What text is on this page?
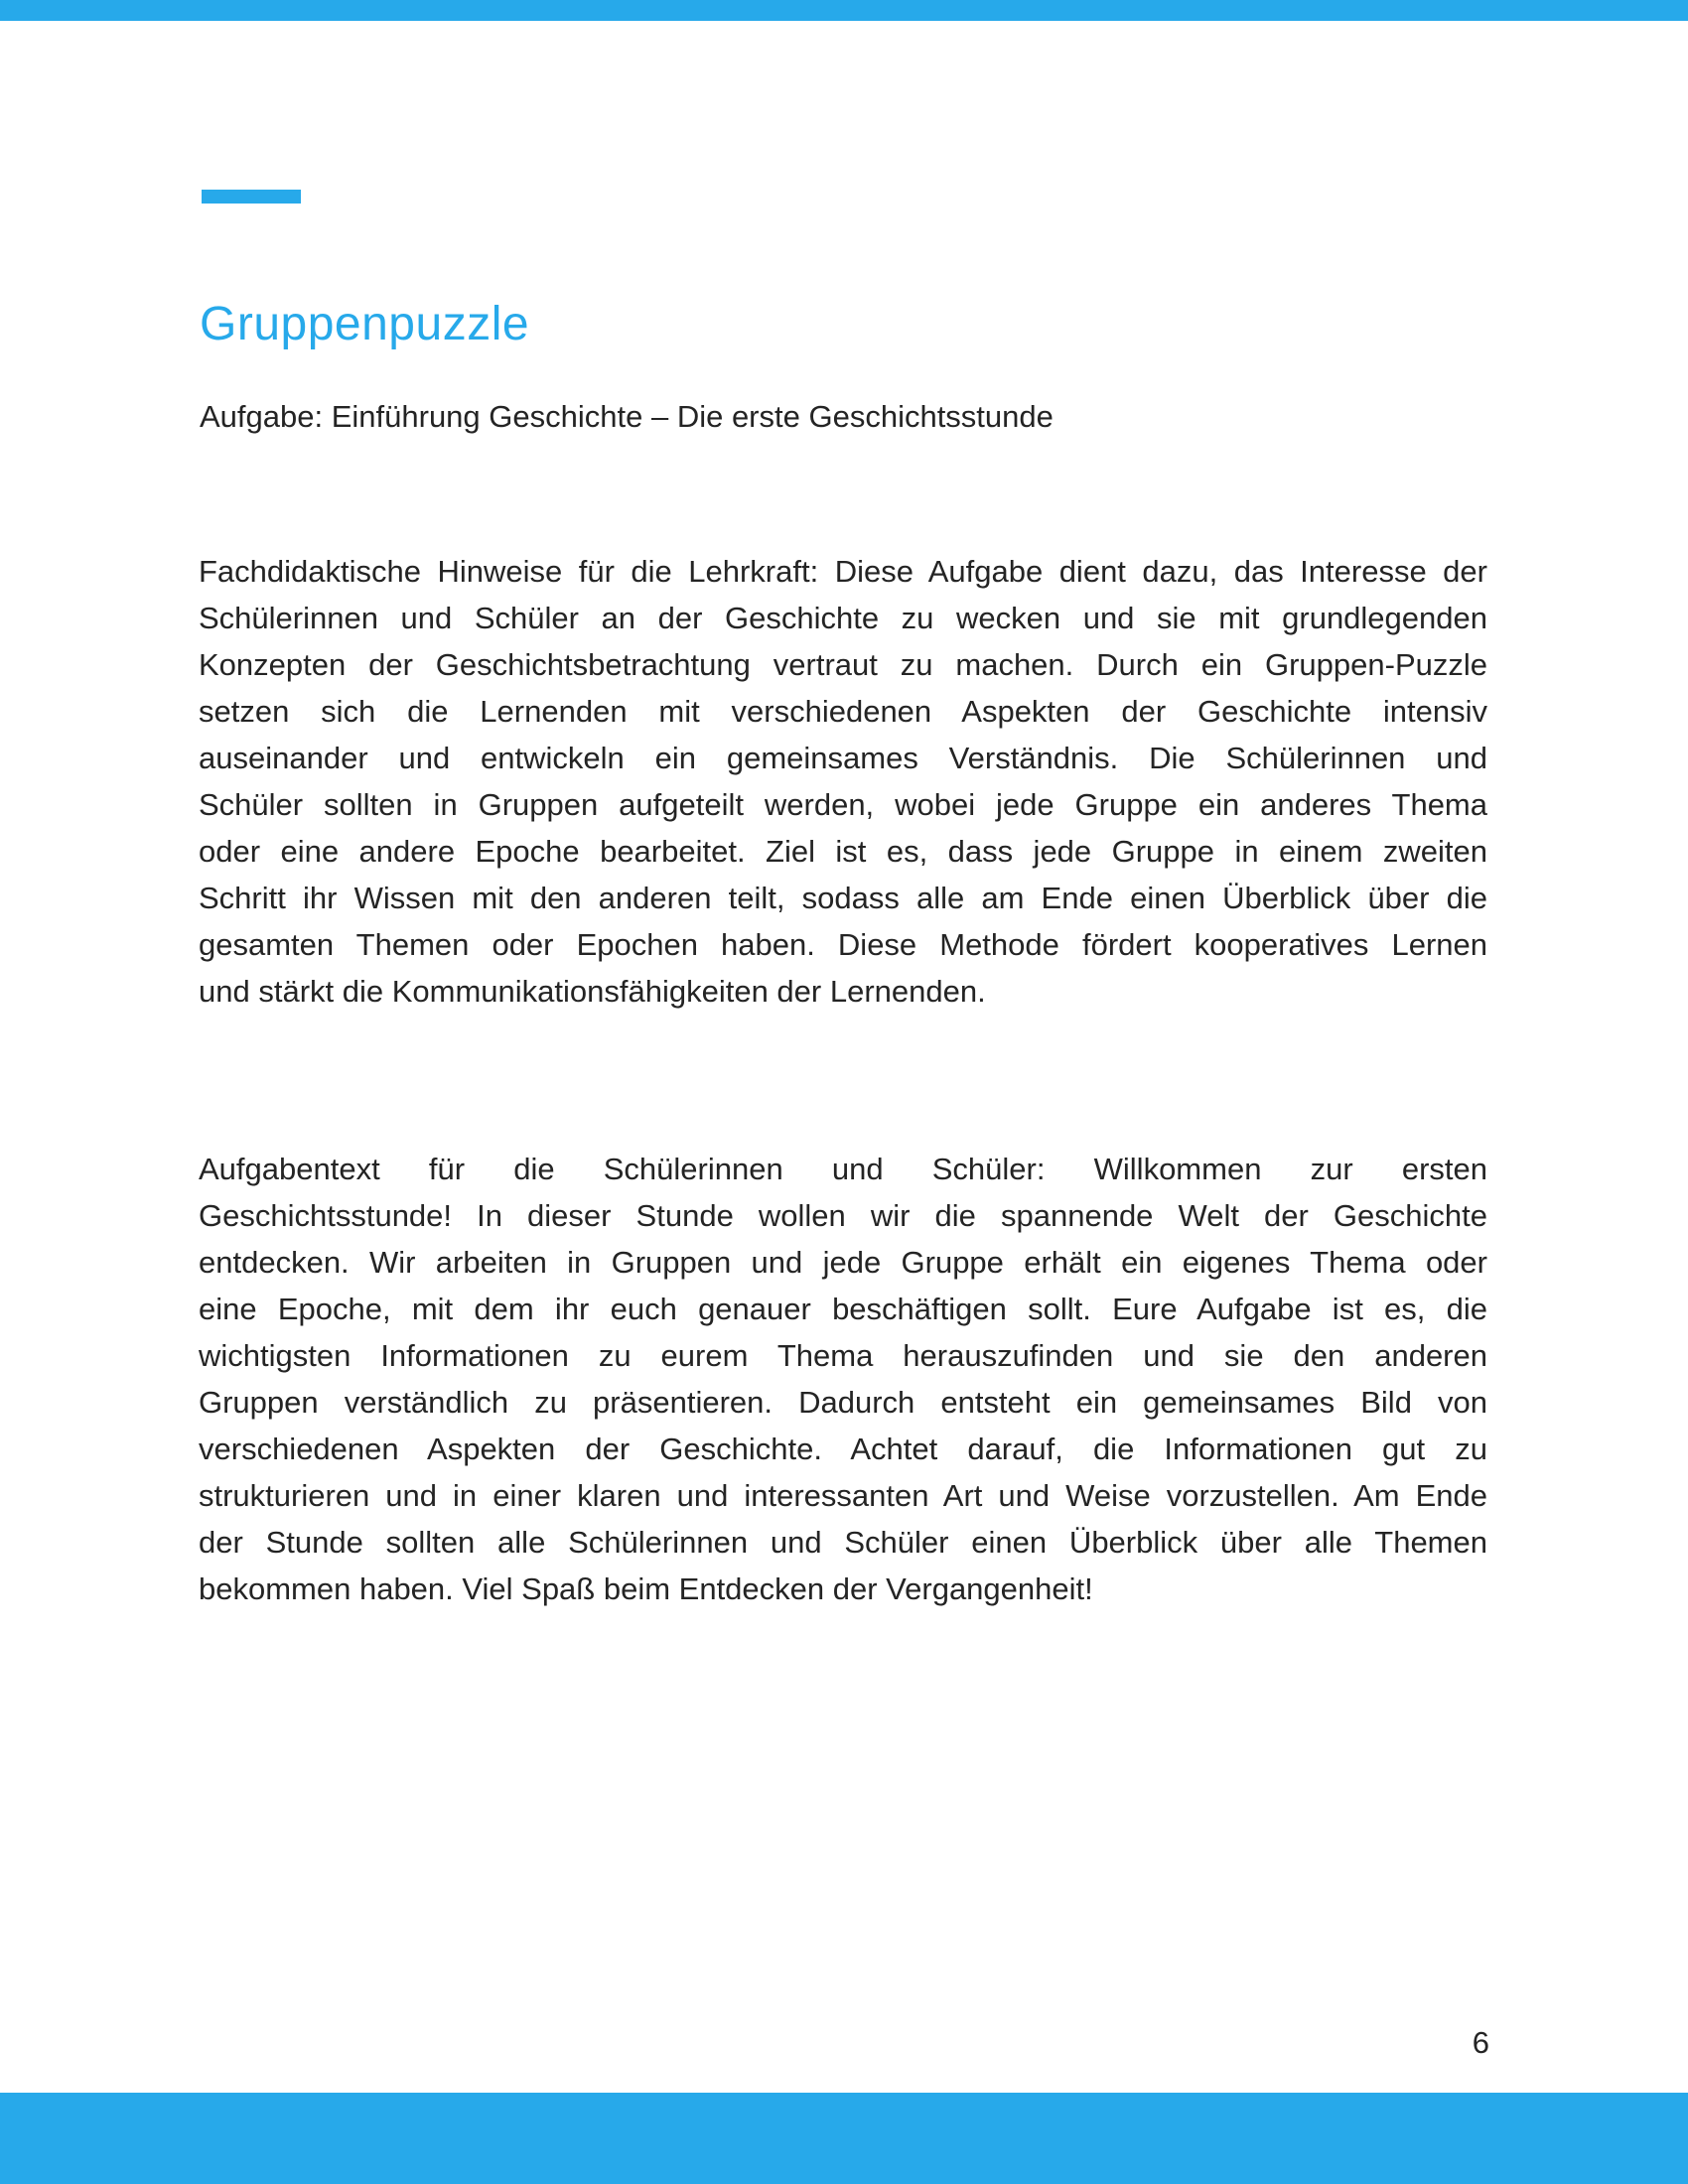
Gruppenpuzzle
Aufgabe: Einführung Geschichte – Die erste Geschichtsstunde
Fachdidaktische Hinweise für die Lehrkraft: Diese Aufgabe dient dazu, das Interesse der
Schülerinnen und Schüler an der Geschichte zu wecken und sie mit grundlegenden
Konzepten der Geschichtsbetrachtung vertraut zu machen. Durch ein Gruppen-Puzzle
setzen sich die Lernenden mit verschiedenen Aspekten der Geschichte intensiv
auseinander und entwickeln ein gemeinsames Verständnis. Die Schülerinnen und
Schüler sollten in Gruppen aufgeteilt werden, wobei jede Gruppe ein anderes Thema
oder eine andere Epoche bearbeitet. Ziel ist es, dass jede Gruppe in einem zweiten
Schritt ihr Wissen mit den anderen teilt, sodass alle am Ende einen Überblick über die
gesamten Themen oder Epochen haben. Diese Methode fördert kooperatives Lernen
und stärkt die Kommunikationsfähigkeiten der Lernenden.
Aufgabentext für die Schülerinnen und Schüler: Willkommen zur ersten
Geschichtsstunde! In dieser Stunde wollen wir die spannende Welt der Geschichte
entdecken. Wir arbeiten in Gruppen und jede Gruppe erhält ein eigenes Thema oder
eine Epoche, mit dem ihr euch genauer beschäftigen sollt. Eure Aufgabe ist es, die
wichtigsten Informationen zu eurem Thema herauszufinden und sie den anderen
Gruppen verständlich zu präsentieren. Dadurch entsteht ein gemeinsames Bild von
verschiedenen Aspekten der Geschichte. Achtet darauf, die Informationen gut zu
strukturieren und in einer klaren und interessanten Art und Weise vorzustellen. Am Ende
der Stunde sollten alle Schülerinnen und Schüler einen Überblick über alle Themen
bekommen haben. Viel Spaß beim Entdecken der Vergangenheit!
6
